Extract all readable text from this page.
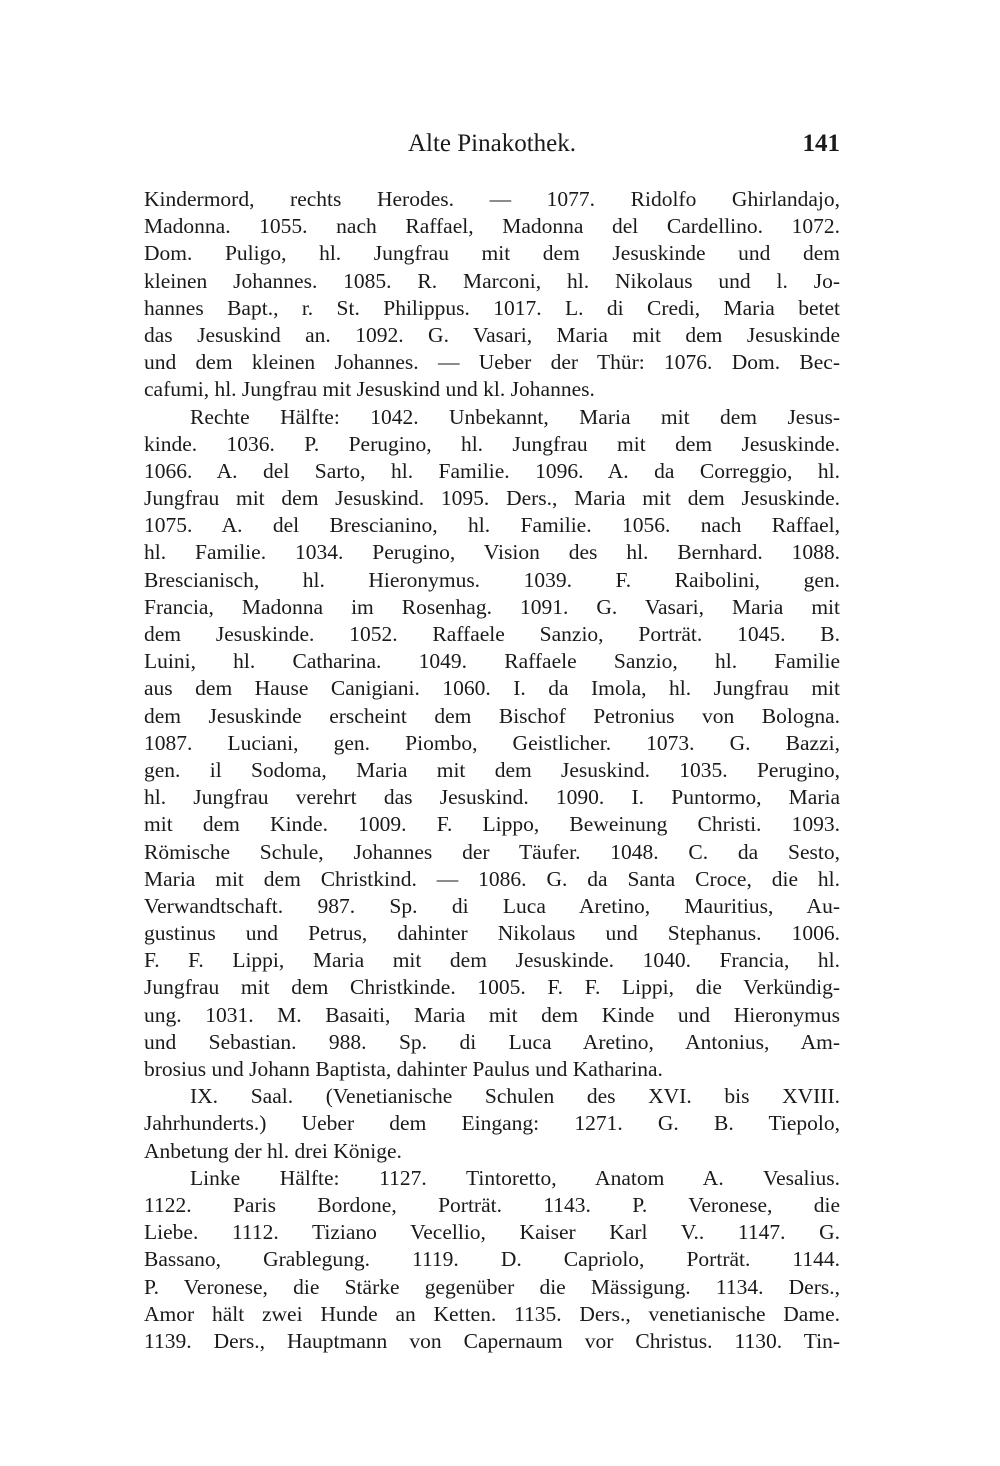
Alte Pinakothek.	141
Kindermord, rechts Herodes. — 1077. Ridolfo Ghirlandajo,
Madonna. 1055. nach Raffael, Madonna del Cardellino. 1072.
Dom. Puligo, hl. Jungfrau mit dem Jesuskinde und dem
kleinen Johannes. 1085. R. Marconi, hl. Nikolaus und l. Jo-
hannes Bapt., r. St. Philippus. 1017. L. di Credi, Maria betet
das Jesuskind an. 1092. G. Vasari, Maria mit dem Jesuskinde
und dem kleinen Johannes. — Ueber der Thür: 1076. Dom. Bec-
cafumi, hl. Jungfrau mit Jesuskind und kl. Johannes.
Rechte Hälfte: 1042. Unbekannt, Maria mit dem Jesus-
kinde. 1036. P. Perugino, hl. Jungfrau mit dem Jesuskinde.
1066. A. del Sarto, hl. Familie. 1096. A. da Correggio, hl.
Jungfrau mit dem Jesuskind. 1095. Ders., Maria mit dem Jesuskinde.
1075. A. del Brescianino, hl. Familie. 1056. nach Raffael,
hl. Familie. 1034. Perugino, Vision des hl. Bernhard. 1088.
Brescianisch, hl. Hieronymus. 1039. F. Raibolini, gen.
Francia, Madonna im Rosenhag. 1091. G. Vasari, Maria mit
dem Jesuskinde. 1052. Raffaele Sanzio, Porträt. 1045. B.
Luini, hl. Catharina. 1049. Raffaele Sanzio, hl. Familie
aus dem Hause Canigiani. 1060. I. da Imola, hl. Jungfrau mit
dem Jesuskinde erscheint dem Bischof Petronius von Bologna.
1087. Luciani, gen. Piombo, Geistlicher. 1073. G. Bazzi,
gen. il Sodoma, Maria mit dem Jesuskind. 1035. Perugino,
hl. Jungfrau verehrt das Jesuskind. 1090. I. Puntormo, Maria
mit dem Kinde. 1009. F. Lippo, Beweinung Christi. 1093.
Römische Schule, Johannes der Täufer. 1048. C. da Sesto,
Maria mit dem Christkind. — 1086. G. da Santa Croce, die hl.
Verwandtschaft. 987. Sp. di Luca Aretino, Mauritius, Au-
gustinus und Petrus, dahinter Nikolaus und Stephanus. 1006.
F. F. Lippi, Maria mit dem Jesuskinde. 1040. Francia, hl.
Jungfrau mit dem Christkinde. 1005. F. F. Lippi, die Verkündig-
ung. 1031. M. Basaiti, Maria mit dem Kinde und Hieronymus
und Sebastian. 988. Sp. di Luca Aretino, Antonius, Am-
brosius und Johann Baptista, dahinter Paulus und Katharina.
IX. Saal. (Venetianische Schulen des XVI. bis XVIII.
Jahrhunderts.) Ueber dem Eingang: 1271. G. B. Tiepolo,
Anbetung der hl. drei Könige.
Linke Hälfte: 1127. Tintoretto, Anatom A. Vesalius.
1122. Paris Bordone, Porträt. 1143. P. Veronese, die
Liebe. 1112. Tiziano Vecellio, Kaiser Karl V.. 1147. G.
Bassano, Grablegung. 1119. D. Capriolo, Porträt. 1144.
P. Veronese, die Stärke gegenüber die Mässigung. 1134. Ders.,
Amor hält zwei Hunde an Ketten. 1135. Ders., venetianische Dame.
1139. Ders., Hauptmann von Capernaum vor Christus. 1130. Tin-
